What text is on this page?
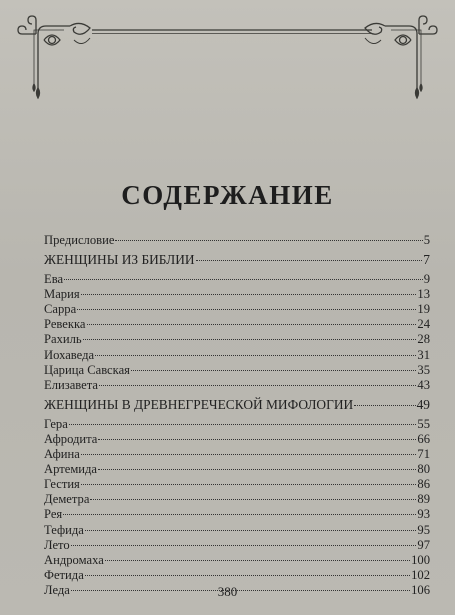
СОДЕРЖАНИЕ
Предисловие	5
ЖЕНЩИНЫ ИЗ БИБЛИИ	7
Ева	9
Мария	13
Сарра	19
Ревекка	24
Рахиль	28
Иохаведа	31
Царица Савская	35
Елизавета	43
ЖЕНЩИНЫ В ДРЕВНЕГРЕЧЕСКОЙ МИФОЛОГИИ	49
Гера	55
Афродита	66
Афина	71
Артемида	80
Гестия	86
Деметра	89
Рея	93
Тефида	95
Лето	97
Андромаха	100
Фетида	102
Леда	106
380
